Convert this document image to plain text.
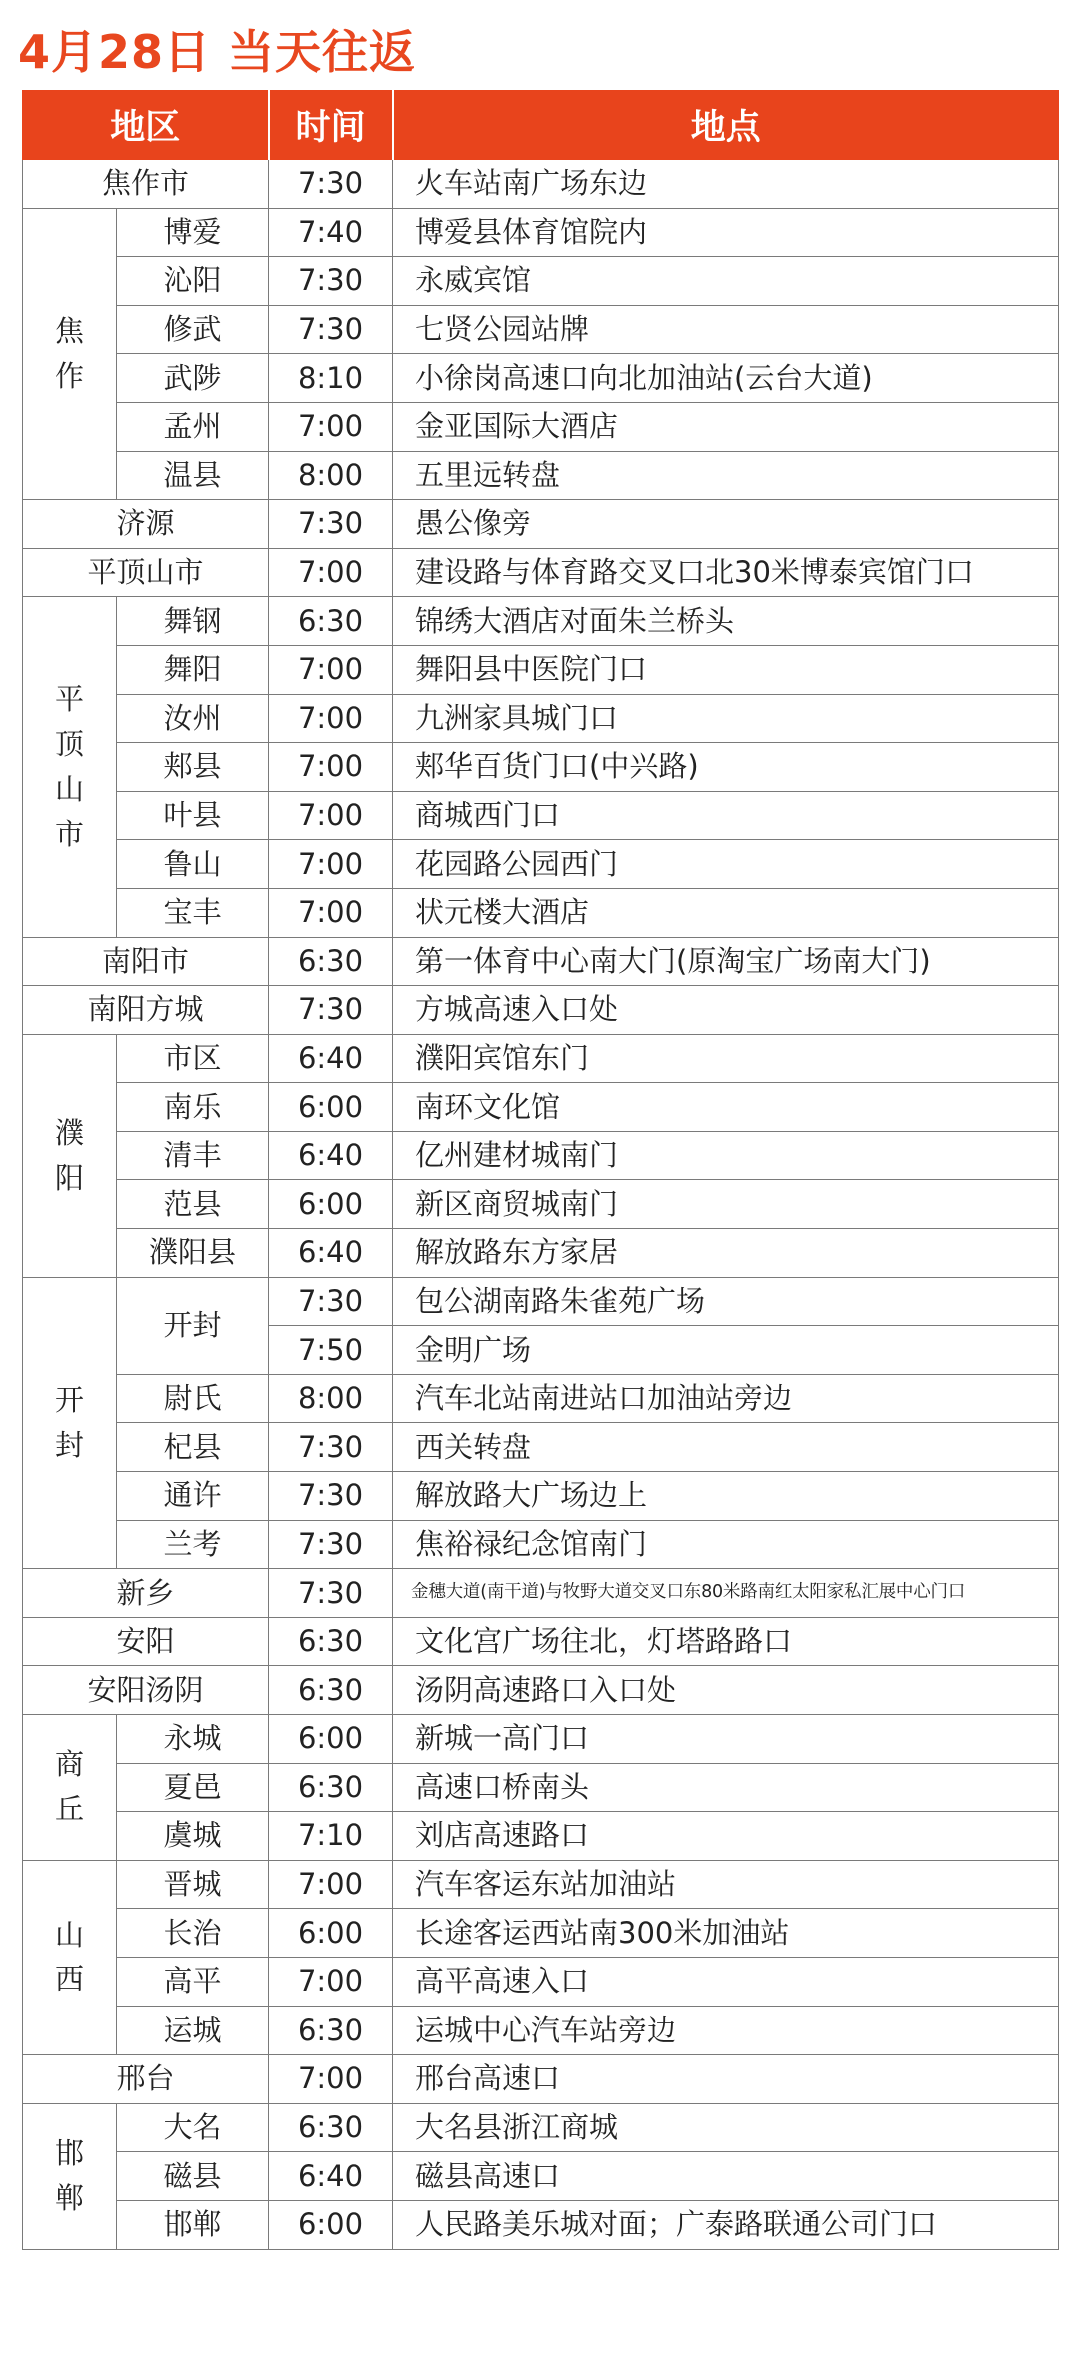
4月28日 当天往返
地区		时间	地点
焦作市		7:30	火车站南广场东边

焦作	博爱	7:40	博爱县体育馆院内
	沁阳	7:30	永威宾馆
	修武	7:30	七贤公园站牌
	武陟	8:10	小徐岗高速口向北加油站(云台大道)
	孟州	7:00	金亚国际大酒店
	温县	8:00	五里远转盘
济源		7:30	愚公像旁
平顶山市		7:00	建设路与体育路交叉口北30米博泰宾馆门口

平顶山市	舞钢	6:30	锦绣大酒店对面朱兰桥头
	舞阳	7:00	舞阳县中医院门口
	汝州	7:00	九洲家具城门口
	郏县	7:00	郏华百货门口(中兴路)
	叶县	7:00	商城西门口
	鲁山	7:00	花园路公园西门
	宝丰	7:00	状元楼大酒店
南阳市		6:30	第一体育中心南大门(原淘宝广场南大门)
南阳方城		7:30	方城高速入口处

濮阳	市区	6:40	濮阳宾馆东门
	南乐	6:00	南环文化馆
	清丰	6:40	亿州建材城南门
	范县	6:00	新区商贸城南门
	濮阳县	6:40	解放路东方家居

开封	开封	7:30	包公湖南路朱雀苑广场
		7:50	金明广场
	尉氏	8:00	汽车北站南进站口加油站旁边
	杞县	7:30	西关转盘
	通许	7:30	解放路大广场边上
	兰考	7:30	焦裕禄纪念馆南门
新乡		7:30	金穗大道(南干道)与牧野大道交叉口东80米路南红太阳家私汇展中心门口
安阳		6:30	文化宫广场往北，灯塔路路口
安阳汤阴		6:30	汤阴高速路口入口处

商丘	永城	6:00	新城一高门口
	夏邑	6:30	高速口桥南头
	虞城	7:10	刘店高速路口

山西	晋城	7:00	汽车客运东站加油站
	长治	6:00	长途客运西站南300米加油站
	高平	7:00	高平高速入口
	运城	6:30	运城中心汽车站旁边
邢台		7:00	邢台高速口

邯郸	大名	6:30	大名县浙江商城
	磁县	6:40	磁县高速口
	邯郸	6:00	人民路美乐城对面；广泰路联通公司门口
